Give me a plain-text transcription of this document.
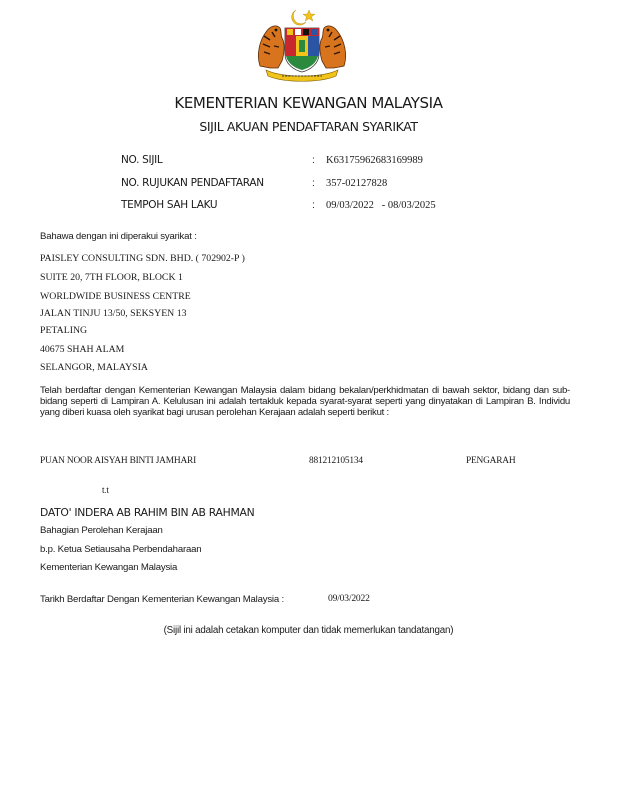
KEMENTERIAN KEWANGAN MALAYSIA
SIJIL AKUAN PENDAFTARAN SYARIKAT
NO. SIJIL	: K63175962683169989
NO. RUJUKAN PENDAFTARAN	: 357-02127828
TEMPOH SAH LAKU	: 09/03/2022   - 08/03/2025
Bahawa dengan ini diperakui syarikat :
PAISLEY CONSULTING SDN. BHD. ( 702902-P )
SUITE 20, 7TH FLOOR, BLOCK 1
WORLDWIDE BUSINESS CENTRE
JALAN TINJU 13/50, SEKSYEN 13
PETALING
40675 SHAH ALAM
SELANGOR, MALAYSIA
Telah berdaftar dengan Kementerian Kewangan Malaysia dalam bidang bekalan/perkhidmatan di bawah sektor, bidang dan sub-bidang seperti di Lampiran A. Kelulusan ini adalah tertakluk kepada syarat-syarat seperti yang dinyatakan di Lampiran B. Individu yang diberi kuasa oleh syarikat bagi urusan perolehan Kerajaan adalah seperti berikut :
PUAN NOOR AISYAH BINTI JAMHARI	881212105134	PENGARAH
t.t
DATO' INDERA AB RAHIM BIN AB RAHMAN
Bahagian Perolehan Kerajaan
b.p. Ketua Setiausaha Perbendaharaan
Kementerian Kewangan Malaysia
Tarikh Berdaftar Dengan Kementerian Kewangan Malaysia :	09/03/2022
(Sijil ini adalah cetakan komputer dan tidak memerlukan tandatangan)
